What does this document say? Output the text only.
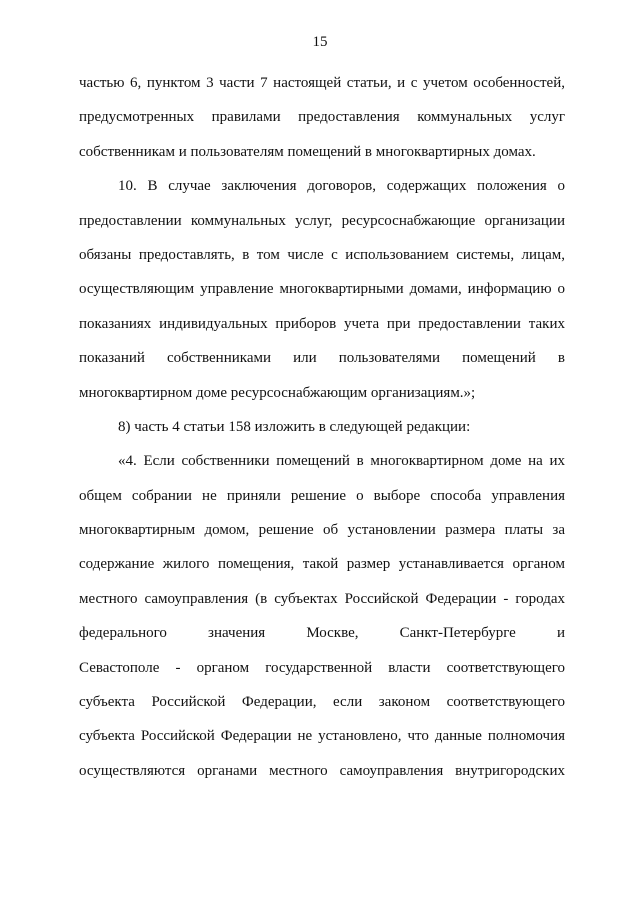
15
частью 6, пунктом 3 части 7 настоящей статьи, и с учетом особенностей,
предусмотренных правилами предоставления коммунальных услуг
собственникам и пользователям помещений в многоквартирных домах.
10. В случае заключения договоров, содержащих положения о
предоставлении коммунальных услуг, ресурсоснабжающие организации
обязаны предоставлять, в том числе с использованием системы, лицам,
осуществляющим управление многоквартирными домами, информацию о
показаниях индивидуальных приборов учета при предоставлении таких
показаний собственниками или пользователями помещений в
многоквартирном доме ресурсоснабжающим организациям.»;
8) часть 4 статьи 158 изложить в следующей редакции:
«4. Если собственники помещений в многоквартирном доме на их
общем собрании не приняли решение о выборе способа управления
многоквартирным домом, решение об установлении размера платы за
содержание жилого помещения, такой размер устанавливается органом
местного самоуправления (в субъектах Российской Федерации - городах
федерального значения Москве, Санкт-Петербурге и
Севастополе - органом государственной власти соответствующего
субъекта Российской Федерации, если законом соответствующего
субъекта Российской Федерации не установлено, что данные полномочия
осуществляются органами местного самоуправления внутригородских
